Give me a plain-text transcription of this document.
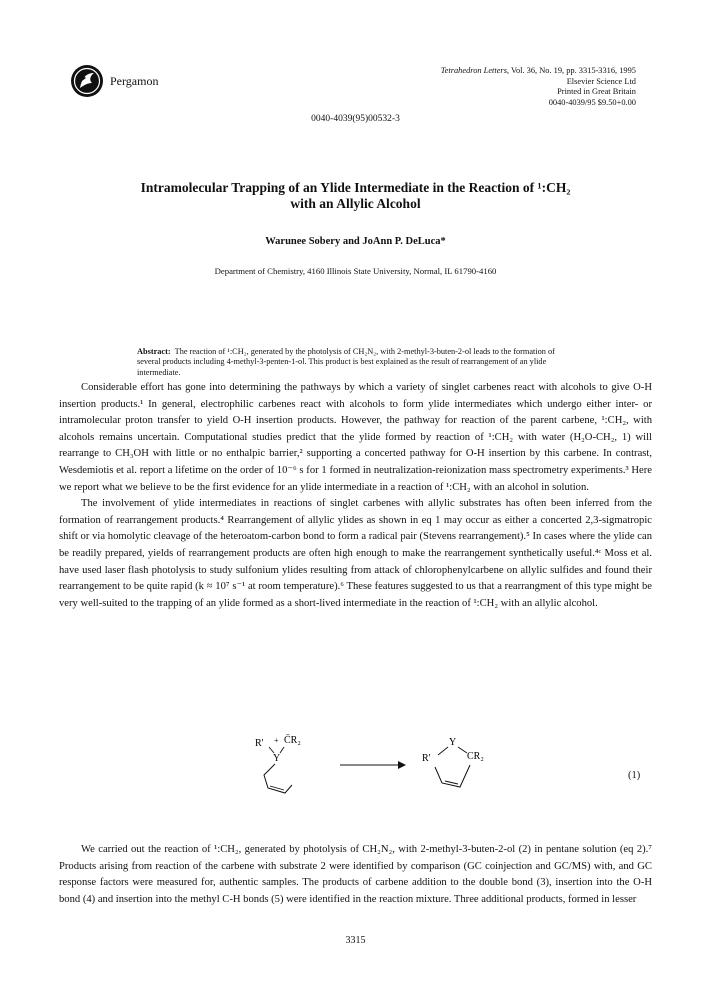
Pergamon
Tetrahedron Letters, Vol. 36, No. 19, pp. 3315-3316, 1995
Elsevier Science Ltd
Printed in Great Britain
0040-4039/95 $9.50+0.00
0040-4039(95)00532-3
Intramolecular Trapping of an Ylide Intermediate in the Reaction of ¹:CH₂
with an Allylic Alcohol
Warunee Sobery and JoAnn P. DeLuca*
Department of Chemistry, 4160 Illinois State University, Normal, IL 61790-4160
Abstract: The reaction of ¹:CH₂, generated by the photolysis of CH₂N₂, with 2-methyl-3-buten-2-ol leads to the formation of several products including 4-methyl-3-penten-1-ol. This product is best explained as the result of rearrangement of an ylide intermediate.

Considerable effort has gone into determining the pathways by which a variety of singlet carbenes react with alcohols to give O-H insertion products.¹ In general, electrophilic carbenes react with alcohols to form ylide intermediates which undergo either inter- or intramolecular proton transfer to yield O-H insertion products. However, the pathway for reaction of the parent carbene, ¹:CH₂, with alcohols remains uncertain. Computational studies predict that the ylide formed by reaction of ¹:CH₂ with water (H₂O-CH₂, 1) will rearrange to CH₃OH with little or no enthalpic barrier,² supporting a concerted pathway for O-H insertion by this carbene. In contrast, Wesdemiotis et al. report a lifetime on the order of 10⁻⁶ s for 1 formed in neutralization-reionization mass spectrometry experiments.³ Here we report what we believe to be the first evidence for an ylide intermediate in a reaction of ¹:CH₂ with an alcohol in solution.

The involvement of ylide intermediates in reactions of singlet carbenes with allylic substrates has often been inferred from the formation of rearrangement products.⁴ Rearrangement of allylic ylides as shown in eq 1 may occur as either a concerted 2,3-sigmatropic shift or via homolytic cleavage of the heteroatom-carbon bond to form a radical pair (Stevens rearrangement).⁵ In cases where the ylide can be readily prepared, yields of rearrangement products are often high enough to make the rearrangement synthetically useful.⁴ᶜ Moss et al. have used laser flash photolysis to study sulfonium ylides resulting from attack of chlorophenylcarbene on allylic sulfides and found their rearrangement to be quite rapid (k ≈ 10⁷ s⁻¹ at room temperature).⁶ These features suggested to us that a rearrangment of this type might be very well-suited to the trapping of an ylide formed as a short-lived intermediate in the reaction of ¹:CH₂ with an allylic alcohol.

R' + C̄R₂
Y	R'
Y
CR₂
(1)

We carried out the reaction of ¹:CH₂, generated by photolysis of CH₂N₂, with 2-methyl-3-buten-2-ol (2) in pentane solution (eq 2).⁷ Products arising from reaction of the carbene with substrate 2 were identified by comparison (GC coinjection and GC/MS) with, and GC response factors were measured for, authentic samples. The products of carbene addition to the double bond (3), insertion into the O-H bond (4) and insertion into the methyl C-H bonds (5) were identified in the reaction mixture. Three additional products, formed in lesser

3315
